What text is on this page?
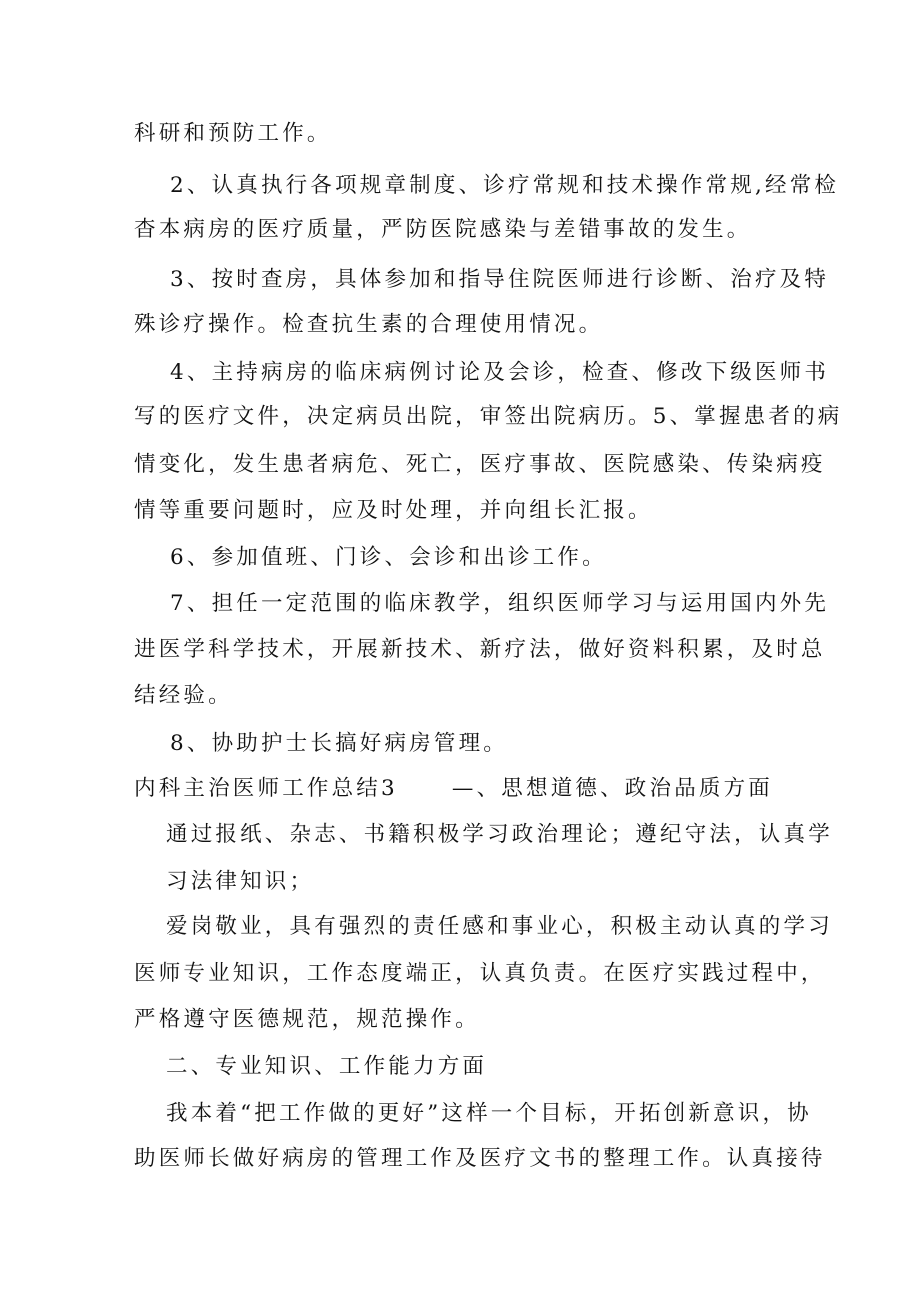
科研和预防工作。
2、认真执行各项规章制度、诊疗常规和技术操作常规,经常检
杳本病房的医疗质量，严防医院感染与差错事故的发生。
3、按时查房，具体参加和指导住院医师进行诊断、治疗及特
殊诊疗操作。检查抗生素的合理使用情况。
4、主持病房的临床病例讨论及会诊，检查、修改下级医师书
写的医疗文件，决定病员出院，审签出院病历。5、掌握患者的病
情变化，发生患者病危、死亡，医疗事故、医院感染、传染病疫
情等重要问题时，应及时处理，并向组长汇报。
6、参加值班、门诊、会诊和出诊工作。
7、担任一定范围的临床教学，组织医师学习与运用国内外先
进医学科学技术，开展新技术、新疗法，做好资料积累，及时总
结经验。
8、协助护士长搞好病房管理。
内科主治医师工作总结3	—、思想道德、政治品质方面
通过报纸、杂志、书籍积极学习政治理论；遵纪守法，认真学
习法律知识；
爱岗敬业，具有强烈的责任感和事业心，积极主动认真的学习
医师专业知识，工作态度端正，认真负责。在医疗实践过程中，
严格遵守医德规范，规范操作。
二、专业知识、工作能力方面
我本着“把工作做的更好”这样一个目标，开拓创新意识，协
助医师长做好病房的管理工作及医疗文书的整理工作。认真接待
